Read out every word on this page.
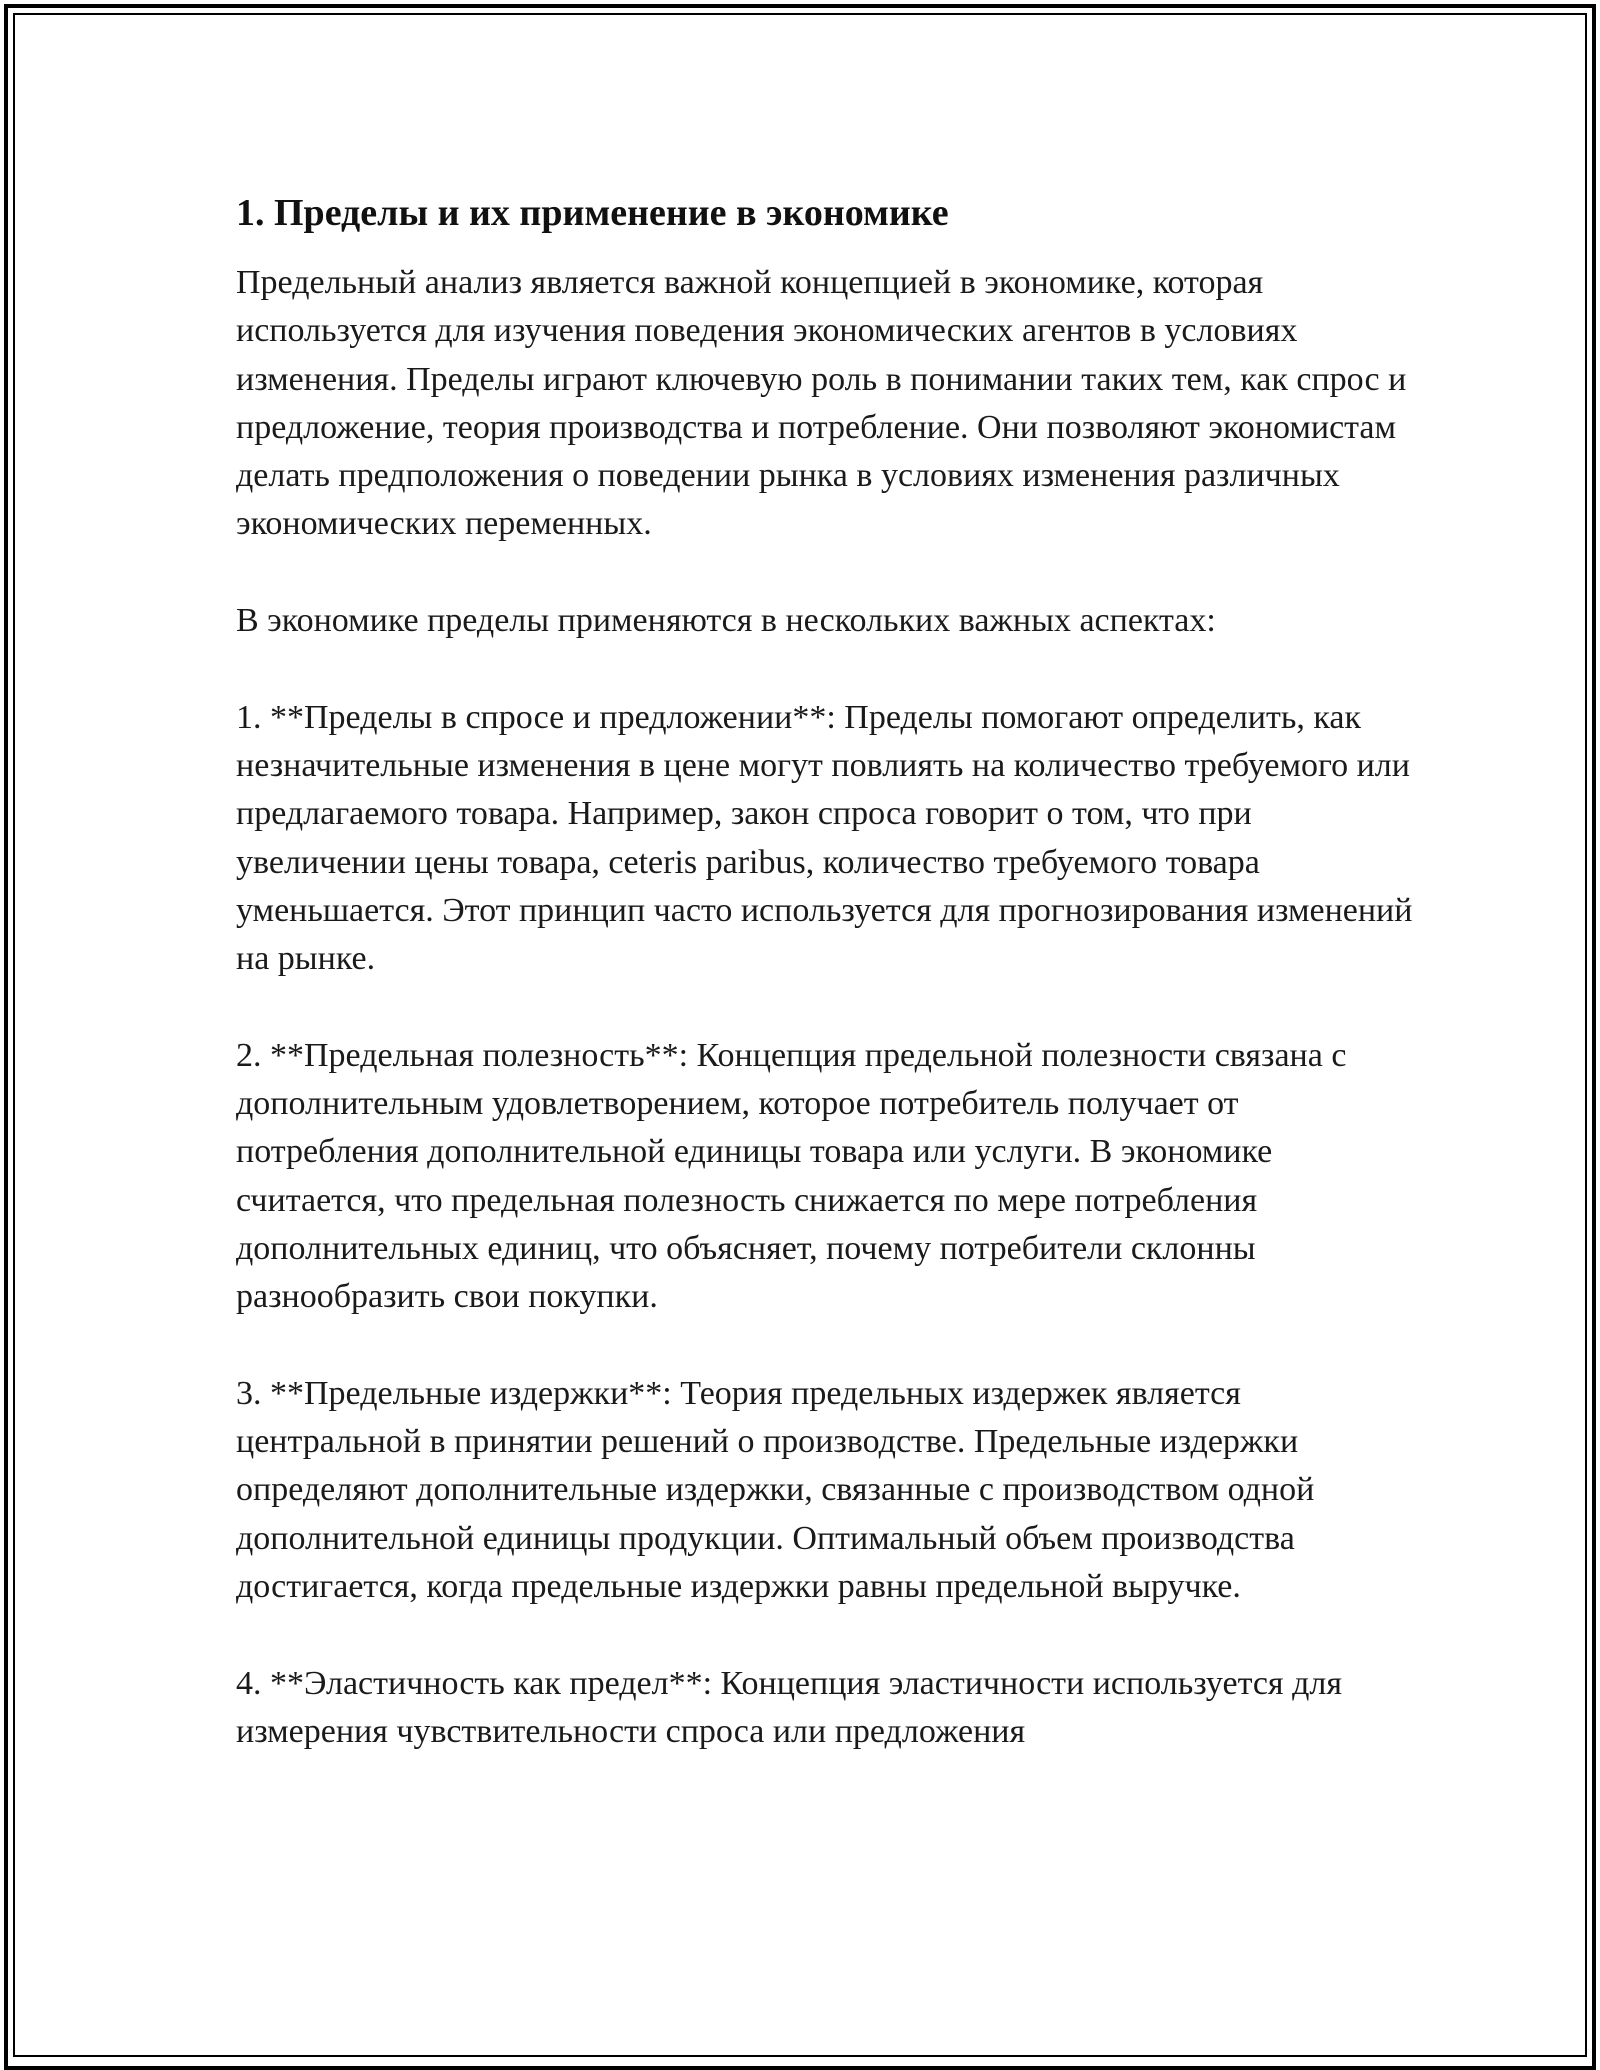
1. Пределы и их применение в экономике

Предельный анализ является важной концепцией в экономике, которая используется для изучения поведения экономических агентов в условиях изменения. Пределы играют ключевую роль в понимании таких тем, как спрос и предложение, теория производства и потребление. Они позволяют экономистам делать предположения о поведении рынка в условиях изменения различных экономических переменных.

В экономике пределы применяются в нескольких важных аспектах:

1. **Пределы в спросе и предложении**: Пределы помогают определить, как незначительные изменения в цене могут повлиять на количество требуемого или предлагаемого товара. Например, закон спроса говорит о том, что при увеличении цены товара, ceteris paribus, количество требуемого товара уменьшается. Этот принцип часто используется для прогнозирования изменений на рынке.

2. **Предельная полезность**: Концепция предельной полезности связана с дополнительным удовлетворением, которое потребитель получает от потребления дополнительной единицы товара или услуги. В экономике считается, что предельная полезность снижается по мере потребления дополнительных единиц, что объясняет, почему потребители склонны разнообразить свои покупки.

3. **Предельные издержки**: Теория предельных издержек является центральной в принятии решений о производстве. Предельные издержки определяют дополнительные издержки, связанные с производством одной дополнительной единицы продукции. Оптимальный объем производства достигается, когда предельные издержки равны предельной выручке.

4. **Эластичность как предел**: Концепция эластичности используется для измерения чувствительности спроса или предложения
